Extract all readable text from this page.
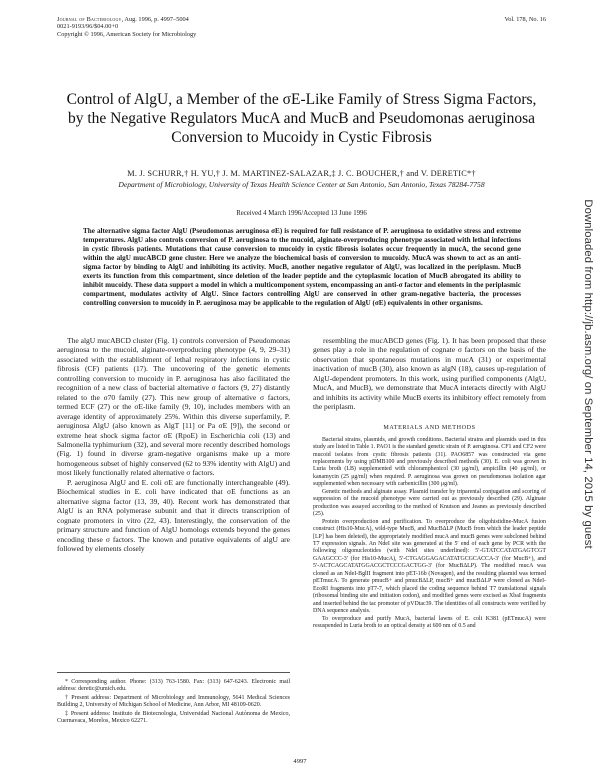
Journal of Bacteriology, Aug. 1996, p. 4997–5004
0021-9193/96/$04.00+0
Copyright © 1996, American Society for Microbiology
Vol. 178, No. 16
Control of AlgU, a Member of the σE-Like Family of Stress Sigma Factors, by the Negative Regulators MucA and MucB and Pseudomonas aeruginosa Conversion to Mucoidy in Cystic Fibrosis
M. J. SCHURR,† H. YU,† J. M. MARTINEZ-SALAZAR,‡ J. C. BOUCHER,† and V. DERETIC*†
Department of Microbiology, University of Texas Health Science Center at San Antonio, San Antonio, Texas 78284-7758
Received 4 March 1996/Accepted 13 June 1996
The alternative sigma factor AlgU (Pseudomonas aeruginosa σE) is required for full resistance of P. aeruginosa to oxidative stress and extreme temperatures. AlgU also controls conversion of P. aeruginosa to the mucoid, alginate-overproducing phenotype associated with lethal infections in cystic fibrosis patients. Mutations that cause conversion to mucoidy in cystic fibrosis isolates occur frequently in mucA, the second gene within the algU mucABCD gene cluster. Here we analyze the biochemical basis of conversion to mucoidy. MucA was shown to act as an anti-sigma factor by binding to AlgU and inhibiting its activity. MucB, another negative regulator of AlgU, was localized in the periplasm. MucB exerts its function from this compartment, since deletion of the leader peptide and the cytoplasmic location of MucB abrogated its ability to inhibit mucoidy. These data support a model in which a multicomponent system, encompassing an anti-σ factor and elements in the periplasmic compartment, modulates activity of AlgU. Since factors controlling AlgU are conserved in other gram-negative bacteria, the processes controlling conversion to mucoidy in P. aeruginosa may be applicable to the regulation of AlgU (σE) equivalents in other organisms.

The algU mucABCD cluster (Fig. 1) controls conversion of Pseudomonas aeruginosa to the mucoid, alginate-overproducing phenotype (4, 9, 29–31) associated with the establishment of lethal respiratory infections in cystic fibrosis (CF) patients (17). The uncovering of the genetic elements controlling conversion to mucoidy in P. aeruginosa has also facilitated the recognition of a new class of bacterial alternative σ factors (9, 27) distantly related to the σ70 family (27). This new group of alternative σ factors, termed ECF (27) or the σE-like family (9, 10), includes members with an average identity of approximately 25%. Within this diverse superfamily, P. aeruginosa AlgU (also known as AlgT [11] or Pa σE [9]), the second or extreme heat shock sigma factor σE (RpoE) in Escherichia coli (13) and Salmonella typhimurium (32), and several more recently described homologs (Fig. 1) found in diverse gram-negative organisms make up a more homogeneous subset of highly conserved (62 to 93% identity with AlgU) and most likely functionally related alternative σ factors.

P. aeruginosa AlgU and E. coli σE are functionally interchangeable (49). Biochemical studies in E. coli have indicated that σE functions as an alternative sigma factor (13, 39, 40). Recent work has demonstrated that AlgU is an RNA polymerase subunit and that it directs transcription of cognate promoters in vitro (22, 43). Interestingly, the conservation of the primary structure and function of AlgU homologs extends beyond the genes encoding these σ factors. The known and putative equivalents of algU are followed by elements closely

resembling the mucABCD genes (Fig. 1). It has been proposed that these genes play a role in the regulation of cognate σ factors on the basis of the observation that spontaneous mutations in mucA (31) or experimental inactivation of mucB (30), also known as algN (18), causes up-regulation of AlgU-dependent promoters. In this work, using purified components (AlgU, MucA, and MucB), we demonstrate that MucA interacts directly with AlgU and inhibits its activity while MucB exerts its inhibitory effect remotely from the periplasm.

MATERIALS AND METHODS

Bacterial strains, plasmids, and growth conditions. Bacterial strains and plasmids used in this study are listed in Table 1. PAO1 is the standard genetic strain of P. aeruginosa. CF1 and CF2 were mucoid isolates from cystic fibrosis patients (31). PAO6857 was constructed via gene replacements by using pDMB100 and previously described methods (30). E. coli was grown in Luria broth (LB) supplemented with chloramphenicol (30 μg/ml), ampicillin (40 μg/ml), or kanamycin (25 μg/ml) when required. P. aeruginosa was grown on pseudomonas isolation agar supplemented when necessary with carbenicillin (300 μg/ml).

Genetic methods and alginate assay. Plasmid transfer by triparental conjugation and scoring of suppression of the mucoid phenotype were carried out as previously described (29). Alginate production was assayed according to the method of Knutson and Jeanes as previously described (25).

Protein overproduction and purification. To overproduce the oligohistidine-MucA fusion construct (His10-MucA), wild-type MucB, and MucBΔLP (MucB from which the leader peptide [LP] has been deleted), the appropriately modified mucA and mucB genes were subcloned behind T7 expression signals. An NdeI site was generated at the 5′ end of each gene by PCR with the following oligonucleotides (with NdeI sites underlined): 5′-GTATCCATATGAGTCGT GAAGCCC-3′ (for His10-MucA), 5′-CTGAGGAGACATATGCGCACCA-3′ (for MucB+), and 5′-ACTCAGCATATGGACGCTCCCGACTGG-3′ (for MucBΔLP). The modified mucA was cloned as an NdeI-BglII fragment into pET-16b (Novagen), and the resulting plasmid was termed pETmucA. To generate pmucB+ and pmucBΔLP, mucB+ and mucBΔLP were cloned as NdeI-EcoRI fragments into pT7-7, which placed the coding sequence behind T7 translational signals (ribosomal binding site and initiation codon), and modified genes were excised as XbaI fragments and inserted behind the tac promoter of pVDtac39. The identities of all constructs were verified by DNA sequence analysis.

To overproduce and purify MucA, bacterial lawns of E. coli K381 (pETmucA) were resuspended in Luria broth to an optical density at 600 nm of 0.5 and

* Corresponding author. Phone: (313) 763-1580. Fax: (313) 647-6243. Electronic mail address: deretic@umich.edu.

† Present address: Department of Microbiology and Immunology, 5641 Medical Sciences Building 2, University of Michigan School of Medicine, Ann Arbor, MI 48109-0620.

‡ Present address: Instituto de Biotecnologia, Universidad Nacional Autónoma de Mexico, Cuernavaca, Morelos, Mexico 62271.

4997
Downloaded from http://jb.asm.org/ on September 14, 2015 by guest
